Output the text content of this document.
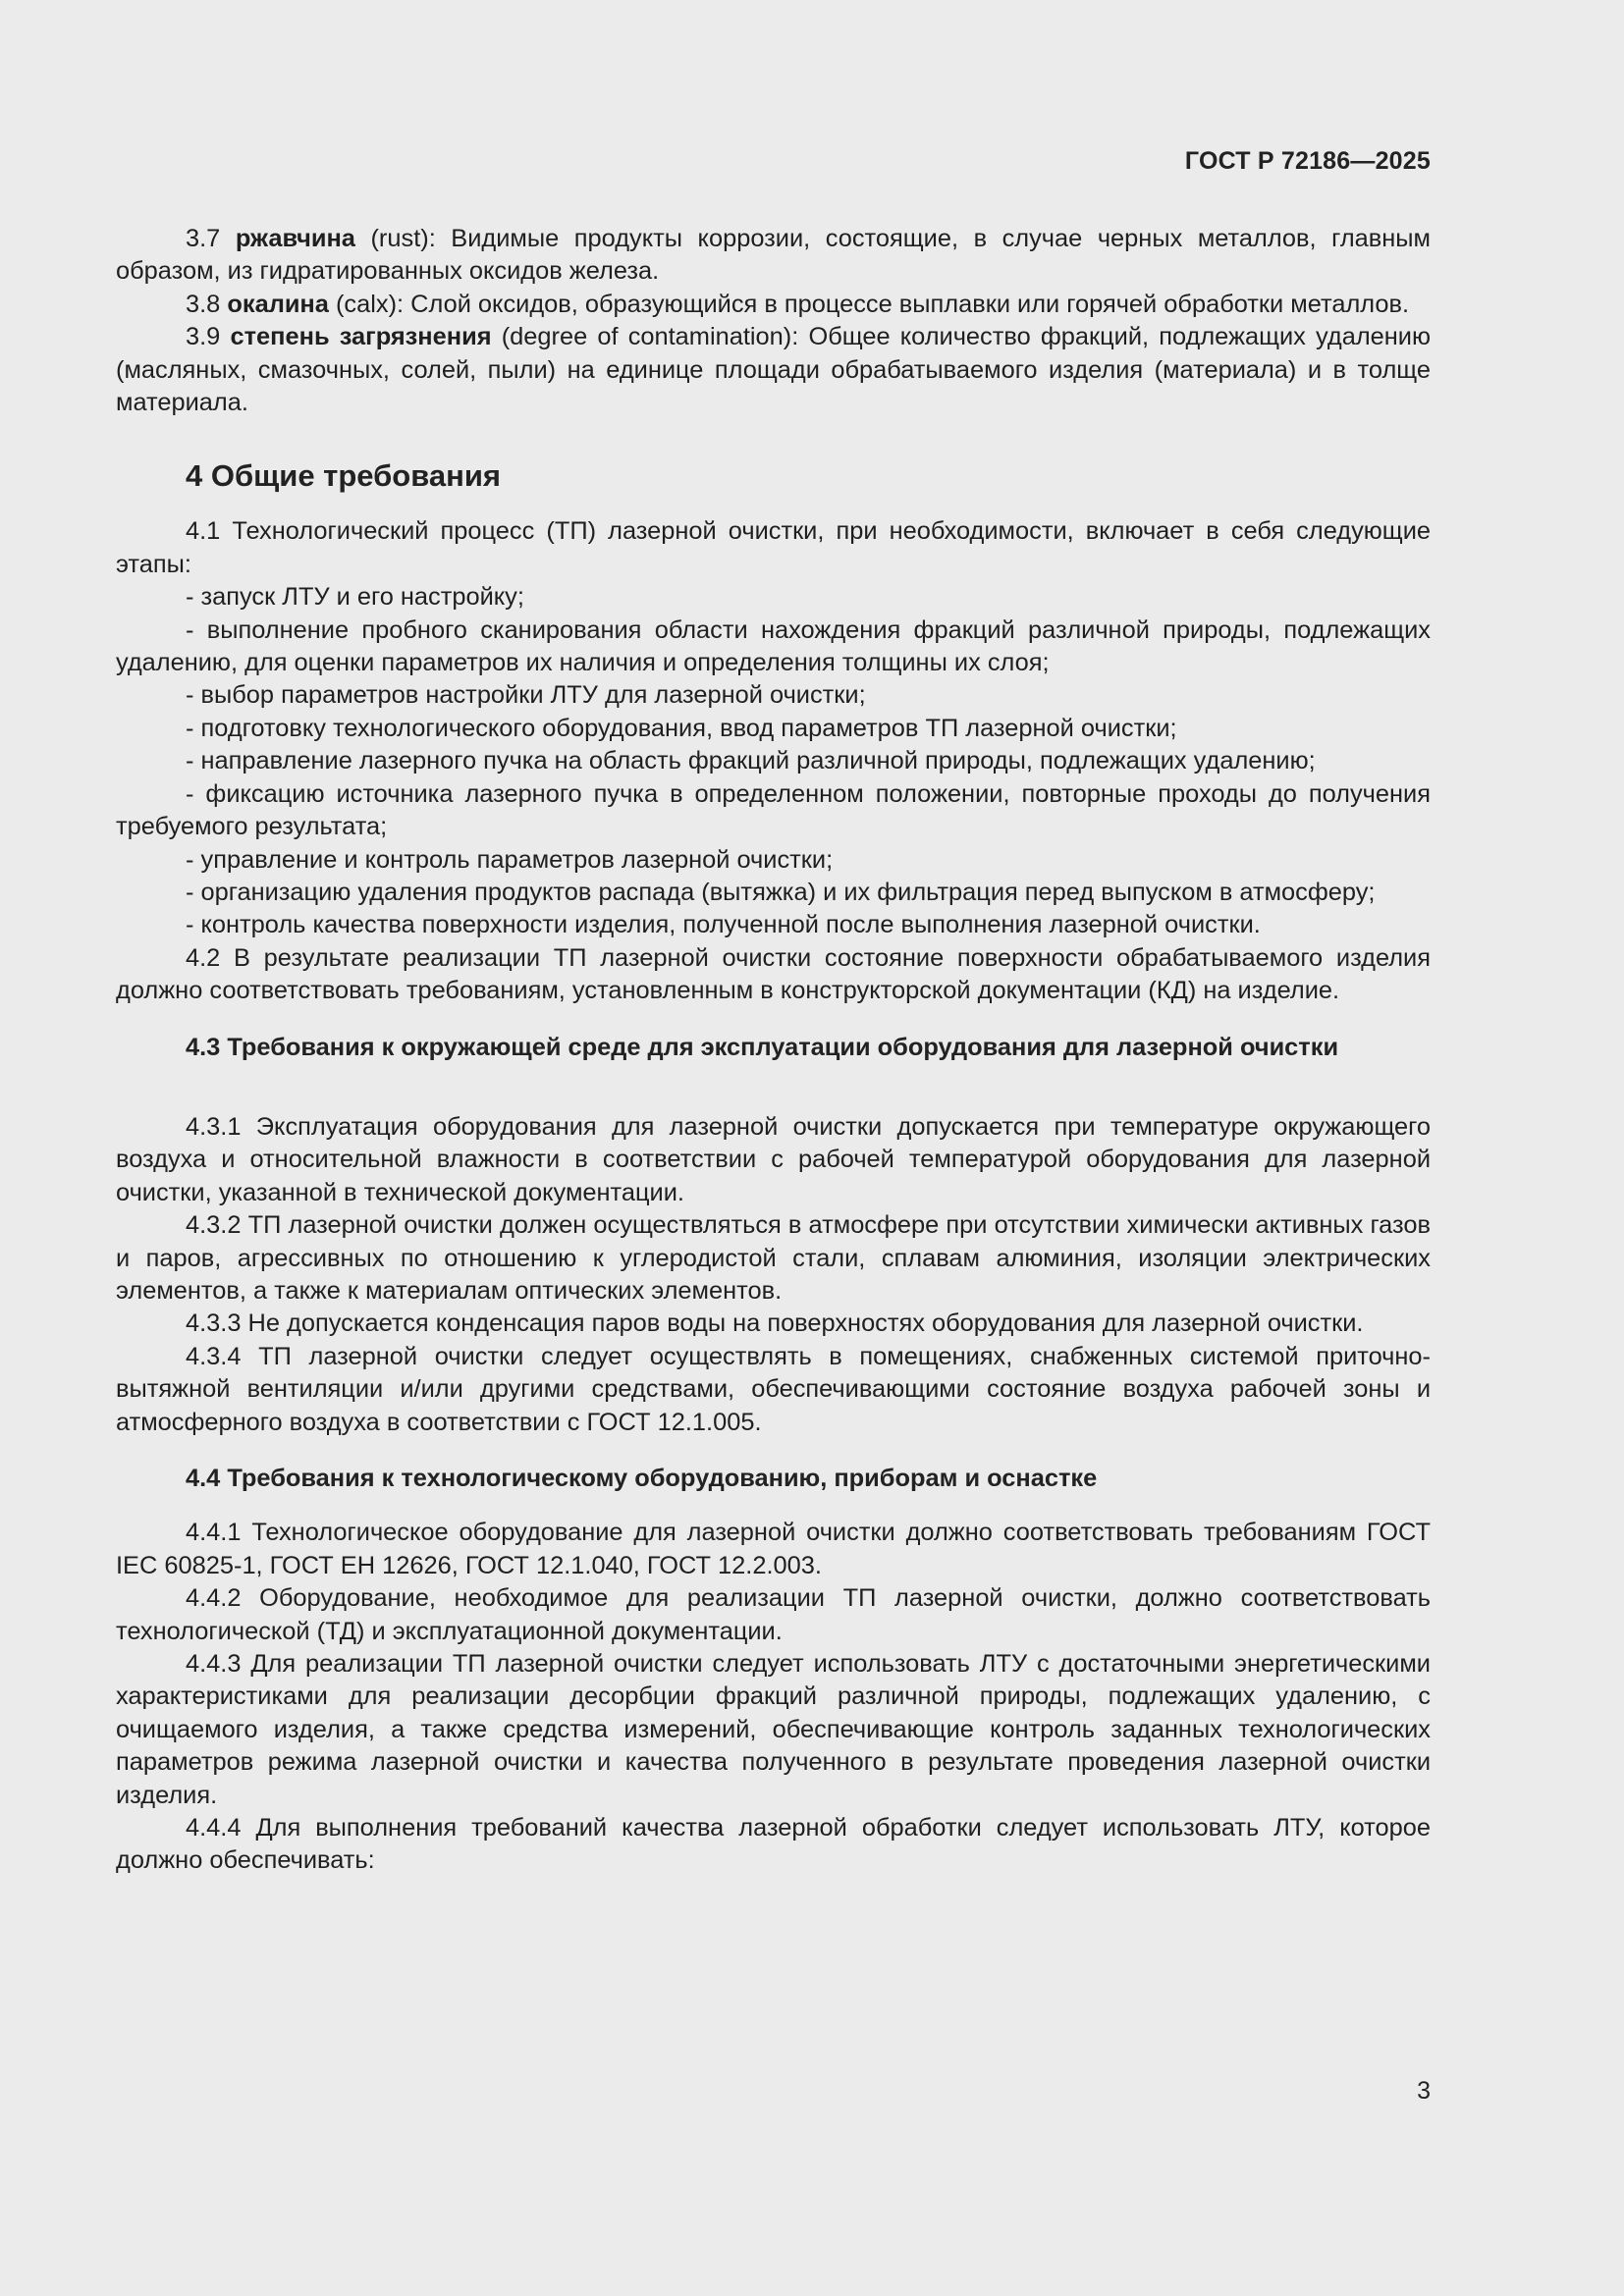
ГОСТ Р 72186—2025

3.7 ржавчина (rust): Видимые продукты коррозии, состоящие, в случае черных металлов, главным образом, из гидратированных оксидов железа.

3.8 окалина (calx): Слой оксидов, образующийся в процессе выплавки или горячей обработки металлов.

3.9 степень загрязнения (degree of contamination): Общее количество фракций, подлежащих удалению (масляных, смазочных, солей, пыли) на единице площади обрабатываемого изделия (материала) и в толще материала.

4 Общие требования

4.1 Технологический процесс (ТП) лазерной очистки, при необходимости, включает в себя следующие этапы:

- запуск ЛТУ и его настройку;

- выполнение пробного сканирования области нахождения фракций различной природы, подлежащих удалению, для оценки параметров их наличия и определения толщины их слоя;

- выбор параметров настройки ЛТУ для лазерной очистки;

- подготовку технологического оборудования, ввод параметров ТП лазерной очистки;

- направление лазерного пучка на область фракций различной природы, подлежащих удалению;

- фиксацию источника лазерного пучка в определенном положении, повторные проходы до получения требуемого результата;

- управление и контроль параметров лазерной очистки;

- организацию удаления продуктов распада (вытяжка) и их фильтрация перед выпуском в атмосферу;

- контроль качества поверхности изделия, полученной после выполнения лазерной очистки.

4.2 В результате реализации ТП лазерной очистки состояние поверхности обрабатываемого изделия должно соответствовать требованиям, установленным в конструкторской документации (КД) на изделие.

4.3 Требования к окружающей среде для эксплуатации оборудования для лазерной очистки

4.3.1 Эксплуатация оборудования для лазерной очистки допускается при температуре окружающего воздуха и относительной влажности в соответствии с рабочей температурой оборудования для лазерной очистки, указанной в технической документации.

4.3.2 ТП лазерной очистки должен осуществляться в атмосфере при отсутствии химически активных газов и паров, агрессивных по отношению к углеродистой стали, сплавам алюминия, изоляции электрических элементов, а также к материалам оптических элементов.

4.3.3 Не допускается конденсация паров воды на поверхностях оборудования для лазерной очистки.

4.3.4 ТП лазерной очистки следует осуществлять в помещениях, снабженных системой приточно-вытяжной вентиляции и/или другими средствами, обеспечивающими состояние воздуха рабочей зоны и атмосферного воздуха в соответствии с ГОСТ 12.1.005.

4.4 Требования к технологическому оборудованию, приборам и оснастке

4.4.1 Технологическое оборудование для лазерной очистки должно соответствовать требованиям ГОСТ IEC 60825-1, ГОСТ ЕН 12626, ГОСТ 12.1.040, ГОСТ 12.2.003.

4.4.2 Оборудование, необходимое для реализации ТП лазерной очистки, должно соответствовать технологической (ТД) и эксплуатационной документации.

4.4.3 Для реализации ТП лазерной очистки следует использовать ЛТУ с достаточными энергетическими характеристиками для реализации десорбции фракций различной природы, подлежащих удалению, с очищаемого изделия, а также средства измерений, обеспечивающие контроль заданных технологических параметров режима лазерной очистки и качества полученного в результате проведения лазерной очистки изделия.

4.4.4 Для выполнения требований качества лазерной обработки следует использовать ЛТУ, которое должно обеспечивать:

3
